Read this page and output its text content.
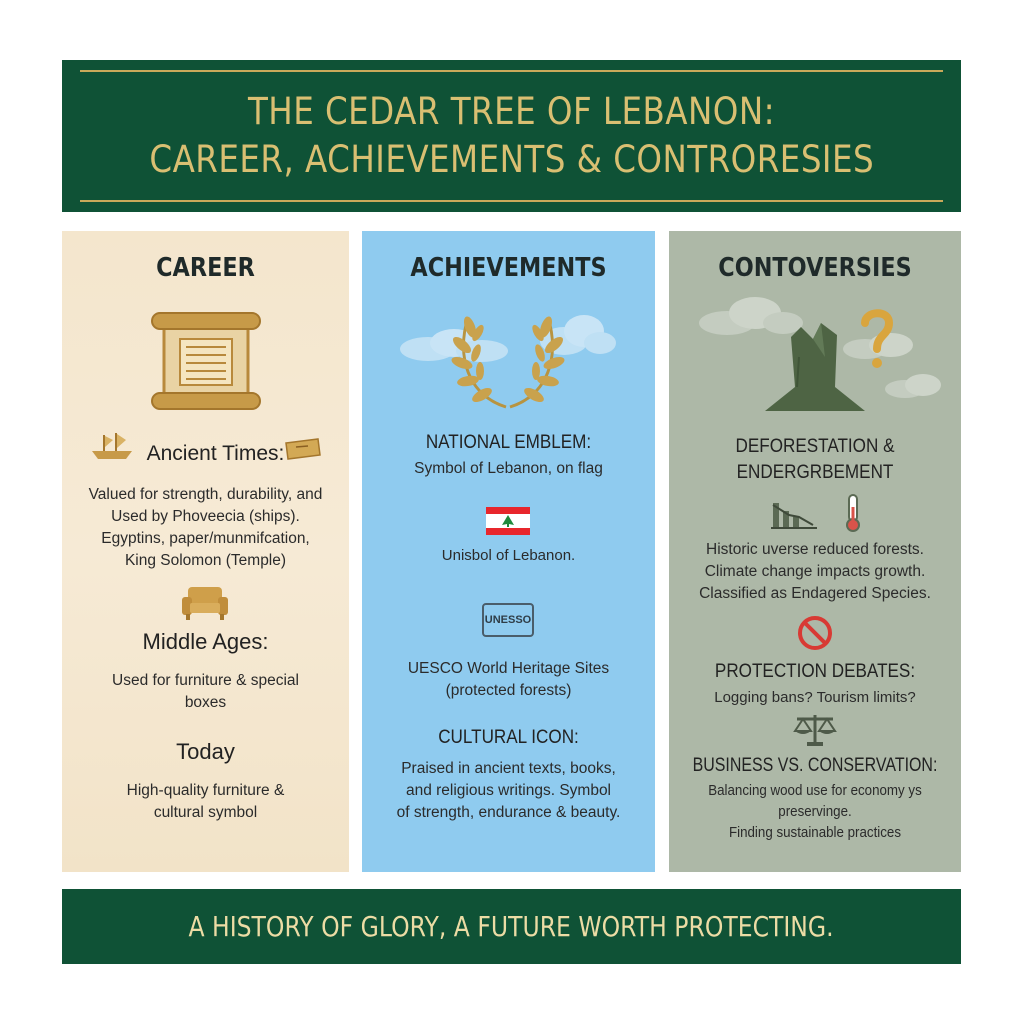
THE CEDAR TREE OF LEBANON:
CAREER, ACHIEVEMENTS & CONTRORESIES
CAREER
Ancient Times:
Valued for strength, durability, and
Used by Phoveecia (ships).
Egyptins, paper/munmifcation,
King Solomon (Temple)
Middle Ages:
Used for furniture & special
boxes
Today
High-quality furniture &
cultural symbol
ACHIEVEMENTS
NATIONAL EMBLEM:
Symbol of Lebanon, on flag
Unisbol of Lebanon.
UNESSO
UESCO World Heritage Sites
(protected forests)
CULTURAL ICON:
Praised in ancient texts, books,
and religious writings. Symbol
of strength, endurance & beauty.
CONTOVERSIES
DEFORESTATION &
ENDERGRBEMENT
Historic uverse reduced forests.
Climate change impacts growth.
Classified as Endagered Species.
PROTECTION DEBATES:
Logging bans? Tourism limits?
BUSINESS VS. CONSERVATION:
Balancing wood use for economy ys preservinge.
Finding sustainable practices
A HISTORY OF GLORY, A FUTURE WORTH PROTECTING.
